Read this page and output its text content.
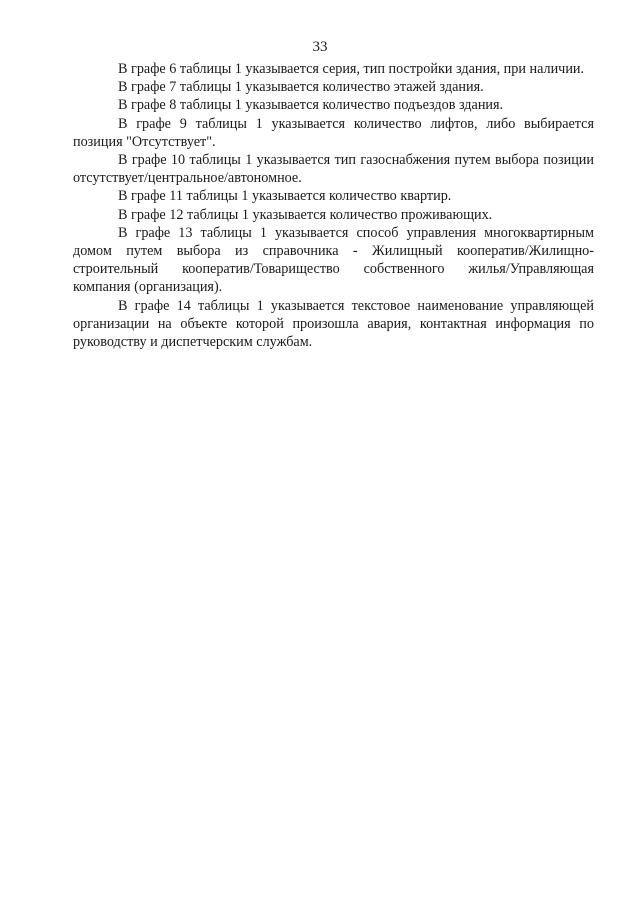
33

В графе 6 таблицы 1 указывается серия, тип постройки здания, при наличии.

В графе 7 таблицы 1 указывается количество этажей здания.

В графе 8 таблицы 1 указывается количество подъездов здания.

В графе 9 таблицы 1 указывается количество лифтов, либо выбирается позиция "Отсутствует".

В графе 10 таблицы 1 указывается тип газоснабжения путем выбора позиции отсутствует/центральное/автономное.

В графе 11 таблицы 1 указывается количество квартир.

В графе 12 таблицы 1 указывается количество проживающих.

В графе 13 таблицы 1 указывается способ управления многоквартирным домом путем выбора из справочника - Жилищный кооператив/Жилищно-строительный кооператив/Товарищество собственного жилья/Управляющая компания (организация).

В графе 14 таблицы 1 указывается текстовое наименование управляющей организации на объекте которой произошла авария, контактная информация по руководству и диспетчерским службам.
